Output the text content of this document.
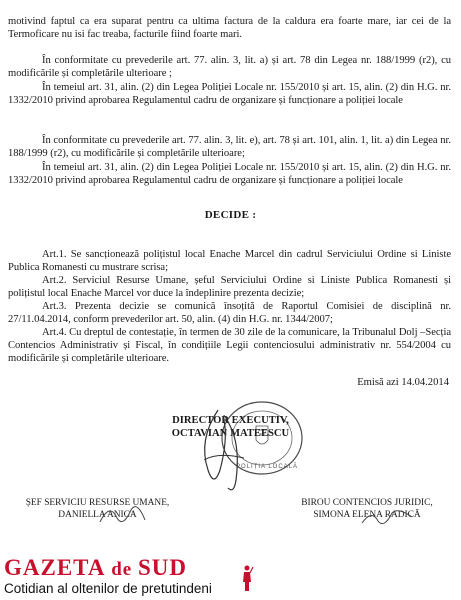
motivind faptul ca era suparat pentru ca ultima factura de la caldura era foarte mare, iar cei de la Termoficare nu isi fac treaba, facturile fiind foarte mari.

În conformitate cu prevederile art. 77. alin. 3, lit. a) și art. 78 din Legea nr. 188/1999 (r2), cu modificările și completările ulterioare ;

În temeiul art. 31, alin. (2) din Legea Poliției Locale nr. 155/2010 și art. 15, alin. (2) din H.G. nr. 1332/2010 privind aprobarea Regulamentul cadru de organizare și funcționare a poliției locale

În conformitate cu prevederile art. 77. alin. 3, lit. e), art. 78 și art. 101, alin. 1, lit. a) din Legea nr. 188/1999 (r2), cu modificările și completările ulterioare;

În temeiul art. 31, alin. (2) din Legea Poliției Locale nr. 155/2010 și art. 15, alin. (2) din H.G. nr. 1332/2010 privind aprobarea Regulamentul cadru de organizare și funcționare a poliției locale

DECIDE :

Art.1. Se sancționează polițistul local Enache Marcel din cadrul Serviciului Ordine si Liniste Publica Romanesti cu mustrare scrisa;

Art.2. Serviciul Resurse Umane, șeful Serviciului Ordine si Liniste Publica Romanesti și polițistul local Enache Marcel vor duce la îndeplinire prezenta decizie;

Art.3. Prezenta decizie se comunică însoțită de Raportul Comisiei de disciplină nr. 27/11.04.2014, conform prevederilor art. 50, alin. (4) din H.G. nr. 1344/2007;

Art.4. Cu dreptul de contestație, în termen de 30 zile de la comunicare, la Tribunalul Dolj –Secția Contencios Administrativ și Fiscal, în condițiile Legii contenciosului administrativ nr. 554/2004 cu modificările și completările ulterioare.

Emisă azi 14.04.2014
POLIȚIA LOCALĂ
DIRECTOR EXECUTIV,
OCTAVIAN MATEESCU
ȘEF SERVICIU RESURSE UMANE,
DANIELLA ANICA
BIROU CONTENCIOS JURIDIC,
SIMONA ELENA RADICĂ
GAZETA de SUD
Cotidian al oltenilor de pretutindeni
